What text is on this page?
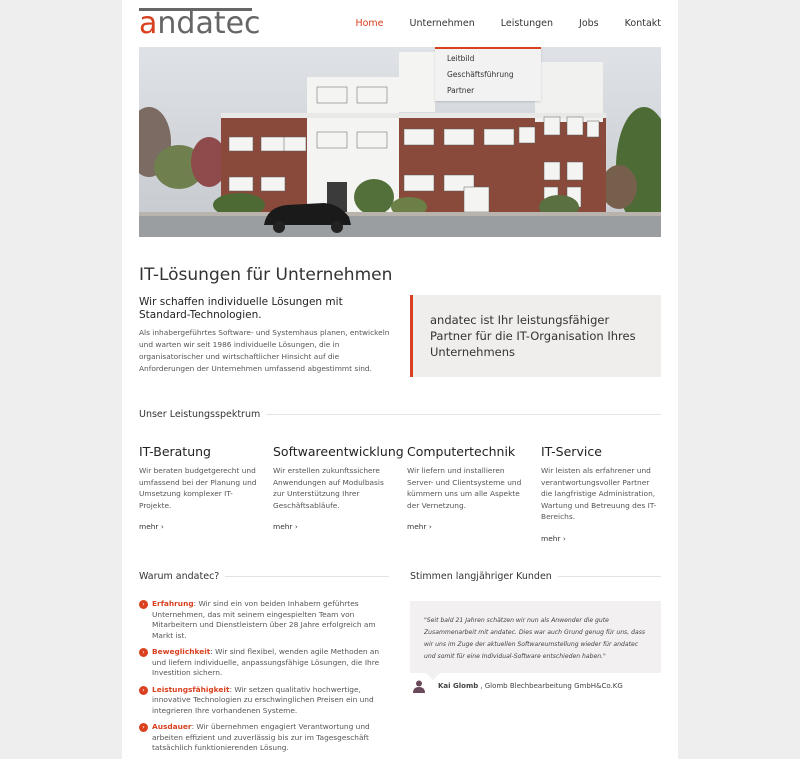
andatec	Home	Unternehmen	Leistungen	Jobs	Kontakt
Leitbild
Geschäftsführung
Partner
IT-Lösungen für Unternehmen
Wir schaffen individuelle Lösungen mit Standard-Technologien.
Als inhabergeführtes Software- und Systemhaus planen, entwickeln und warten wir seit 1986 individuelle Lösungen, die in organisatorischer und wirtschaftlicher Hinsicht auf die Anforderungen der Unternehmen umfassend abgestimmt sind.
andatec ist Ihr leistungsfähiger Partner für die IT-Organisation Ihres Unternehmens
Unser Leistungsspektrum
IT-Beratung
Wir beraten budgetgerecht und umfassend bei der Planung und Umsetzung komplexer IT-Projekte.
mehr ›
Softwareentwicklung
Wir erstellen zukunftssichere Anwendungen auf Modulbasis zur Unterstützung Ihrer Geschäftsabläufe.
mehr ›
Computertechnik
Wir liefern und installieren Server- und Clientsysteme und kümmern uns um alle Aspekte der Vernetzung.
mehr ›
IT-Service
Wir leisten als erfahrener und verantwortungsvoller Partner die langfristige Administration, Wartung und Betreuung des IT-Bereichs.
mehr ›
Warum andatec?
› Erfahrung: Wir sind ein von beiden Inhabern geführtes Unternehmen, das mit seinem eingespielten Team von Mitarbeitern und Dienstleistern über 28 Jahre erfolgreich am Markt ist.
› Beweglichkeit: Wir sind flexibel, wenden agile Methoden an und liefern individuelle, anpassungsfähige Lösungen, die Ihre Investition sichern.
› Leistungsfähigkeit: Wir setzen qualitativ hochwertige, innovative Technologien zu erschwinglichen Preisen ein und integrieren Ihre vorhandenen Systeme.
› Ausdauer: Wir übernehmen engagiert Verantwortung und arbeiten effizient und zuverlässig bis zur im Tagesgeschäft tatsächlich funktionierenden Lösung.
Stimmen langjähriger Kunden
"Seit bald 21 Jahren schätzen wir nun als Anwender die gute Zusammenarbeit mit andatec. Dies war auch Grund genug für uns, dass wir uns im Zuge der aktuellen Softwareumstellung wieder für andatec und somit für eine Individual-Software entschieden haben."
Kai Glomb , Glomb Blechbearbeitung GmbH&Co.KG
